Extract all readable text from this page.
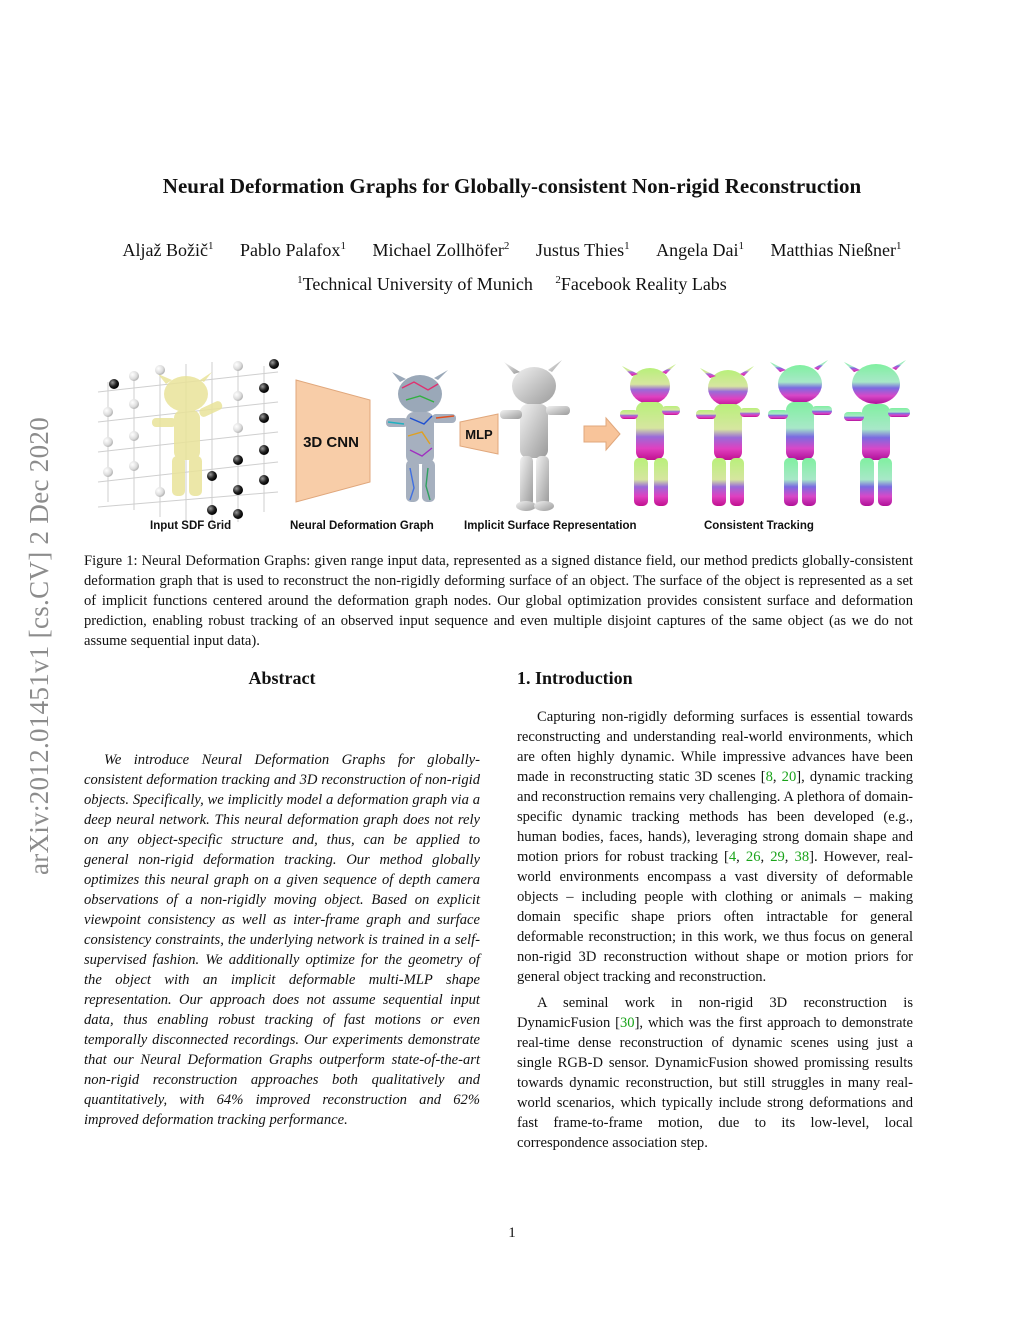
Neural Deformation Graphs for Globally-consistent Non-rigid Reconstruction
Aljaž Božič$^1$ Pablo Palafox$^1$ Michael Zollhöfer$^2$ Justus Thies$^1$ Angela Dai$^1$ Matthias Nießner$^1$
$^1$Technical University of Munich $^2$Facebook Reality Labs
arXiv:2012.01451v1 [cs.CV] 2 Dec 2020	3D CNN	MLP
Input SDF Grid	Neural Deformation Graph	Implicit Surface Representation	Consistent Tracking
Figure 1: Neural Deformation Graphs: given range input data, represented as a signed distance field, our method predicts globally-consistent deformation graph that is used to reconstruct the non-rigidly deforming surface of an object. The surface of the object is represented as a set of implicit functions centered around the deformation graph nodes. Our global optimization provides consistent surface and deformation prediction, enabling robust tracking of an observed input sequence and even multiple disjoint captures of the same object (as we do not assume sequential input data).
Abstract
We introduce Neural Deformation Graphs for globally-consistent deformation tracking and 3D reconstruction of non-rigid objects. Specifically, we implicitly model a deformation graph via a deep neural network. This neural deformation graph does not rely on any object-specific structure and, thus, can be applied to general non-rigid deformation tracking. Our method globally optimizes this neural graph on a given sequence of depth camera observations of a non-rigidly moving object. Based on explicit viewpoint consistency as well as inter-frame graph and surface consistency constraints, the underlying network is trained in a self-supervised fashion. We additionally optimize for the geometry of the object with an implicit deformable multi-MLP shape representation. Our approach does not assume sequential input data, thus enabling robust tracking of fast motions or even temporally disconnected recordings. Our experiments demonstrate that our Neural Deformation Graphs outperform state-of-the-art non-rigid reconstruction approaches both qualitatively and quantitatively, with 64% improved reconstruction and 62% improved deformation tracking performance.
1. Introduction

Capturing non-rigidly deforming surfaces is essential towards reconstructing and understanding real-world environments, which are often highly dynamic. While impressive advances have been made in reconstructing static 3D scenes [8, 20], dynamic tracking and reconstruction remains very challenging. A plethora of domain-specific dynamic tracking methods has been developed (e.g., human bodies, faces, hands), leveraging strong domain shape and motion priors for robust tracking [4, 26, 29, 38]. However, real-world environments encompass a vast diversity of deformable objects – including people with clothing or animals – making domain specific shape priors often intractable for general deformable reconstruction; in this work, we thus focus on general non-rigid 3D reconstruction without shape or motion priors for general object tracking and reconstruction.

A seminal work in non-rigid 3D reconstruction is DynamicFusion [30], which was the first approach to demonstrate real-time dense reconstruction of dynamic scenes using just a single RGB-D sensor. DynamicFusion showed promissing results towards dynamic reconstruction, but still struggles in many real-world scenarios, which typically include strong deformations and fast frame-to-frame motion, due to its low-level, local correspondence association step.

1
